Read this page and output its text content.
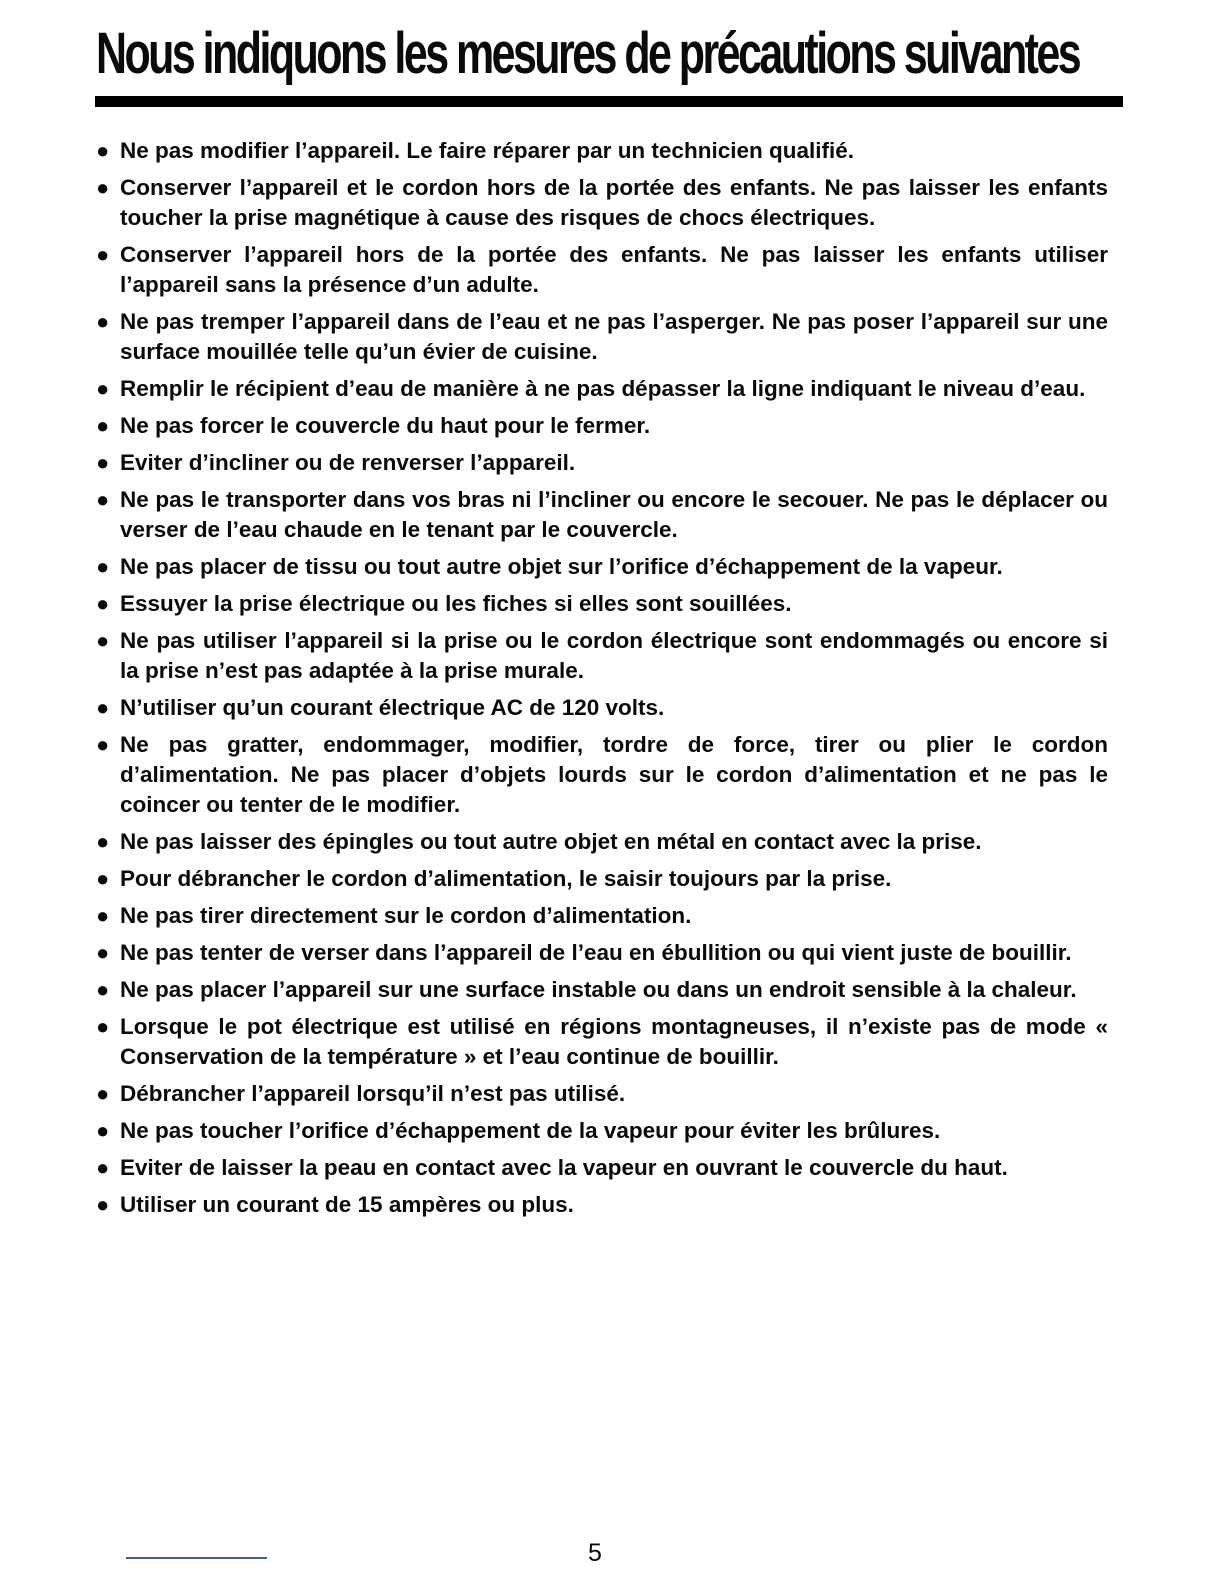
Nous indiquons les mesures de précautions suivantes
● Ne pas modifier l’appareil. Le faire réparer par un technicien qualifié.
● Conserver l’appareil et le cordon hors de la portée des enfants. Ne pas laisser les enfants toucher la prise magnétique à cause des risques de chocs électriques.
● Conserver l’appareil hors de la portée des enfants. Ne pas laisser les enfants utiliser l’appareil sans la présence d’un adulte.
● Ne pas tremper l’appareil dans de l’eau et ne pas l’asperger. Ne pas poser l’appareil sur une surface mouillée telle qu’un évier de cuisine.
● Remplir le récipient d’eau de manière à ne pas dépasser la ligne indiquant le niveau d’eau.
● Ne pas forcer le couvercle du haut pour le fermer.
● Eviter d’incliner ou de renverser l’appareil.
● Ne pas le transporter dans vos bras ni l’incliner ou encore le secouer. Ne pas le déplacer ou verser de l’eau chaude en le tenant par le couvercle.
● Ne pas placer de tissu ou tout autre objet sur l’orifice d’échappement de la vapeur.
● Essuyer la prise électrique ou les fiches si elles sont souillées.
● Ne pas utiliser l’appareil si la prise ou le cordon électrique sont endommagés ou encore si la prise n’est pas adaptée à la prise murale.
● N’utiliser qu’un courant électrique AC de 120 volts.
● Ne pas gratter, endommager, modifier, tordre de force, tirer ou plier le cordon d’alimentation. Ne pas placer d’objets lourds sur le cordon d’alimentation et ne pas le coincer ou tenter de le modifier.
● Ne pas laisser des épingles ou tout autre objet en métal en contact avec la prise.
● Pour débrancher le cordon d’alimentation, le saisir toujours par la prise.
● Ne pas tirer directement sur le cordon d’alimentation.
● Ne pas tenter de verser dans l’appareil de l’eau en ébullition ou qui vient juste de bouillir.
● Ne pas placer l’appareil sur une surface instable ou dans un endroit sensible à la chaleur.
● Lorsque le pot électrique est utilisé en régions montagneuses, il n’existe pas de mode « Conservation de la température » et l’eau continue de bouillir.
● Débrancher l’appareil lorsqu’il n’est pas utilisé.
● Ne pas toucher l’orifice d’échappement de la vapeur pour éviter les brûlures.
● Eviter de laisser la peau en contact avec la vapeur en ouvrant le couvercle du haut.
● Utiliser un courant de 15 ampères ou plus.
5
